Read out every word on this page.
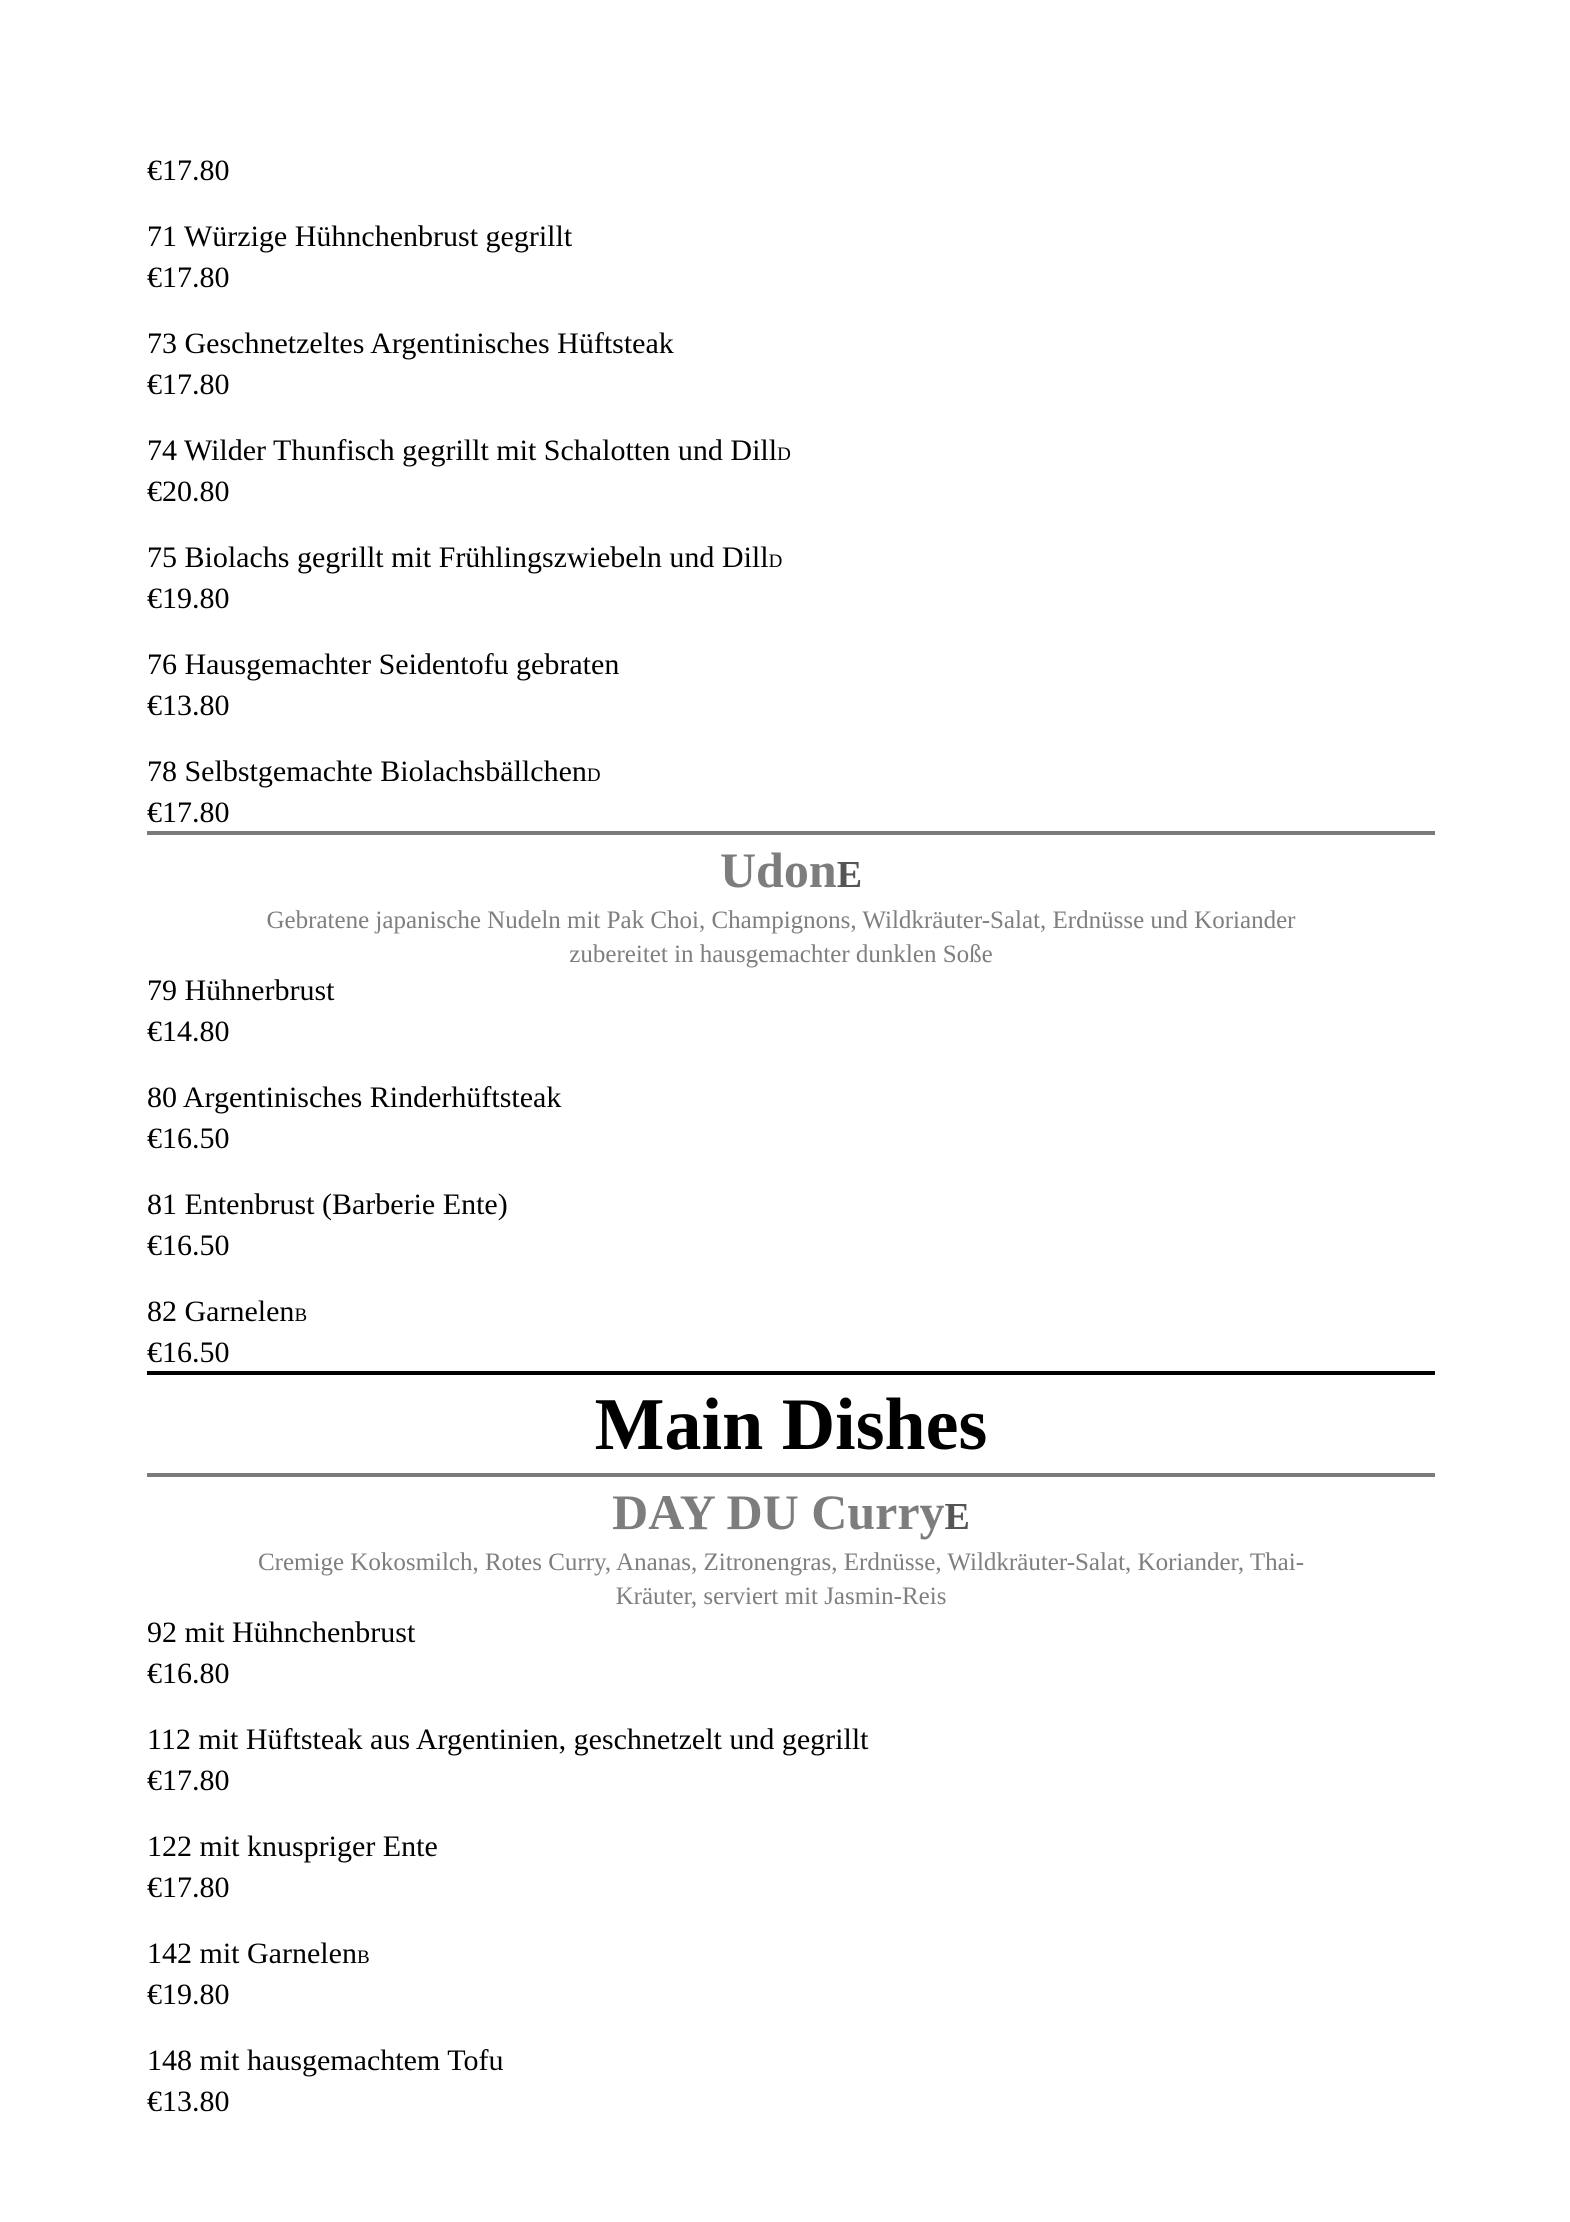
€17.80
71 Würzige Hühnchenbrust gegrillt
€17.80
73 Geschnetzeltes Argentinisches Hüftsteak
€17.80
74 Wilder Thunfisch gegrillt mit Schalotten und DillD
€20.80
75 Biolachs gegrillt mit Frühlingszwiebeln und DillD
€19.80
76 Hausgemachter Seidentofu gebraten
€13.80
78 Selbstgemachte BiolachsbällchenD
€17.80
UdonE
Gebratene japanische Nudeln mit Pak Choi, Champignons, Wildkräuter-Salat, Erdnüsse und Koriander
zubereitet in hausgemachter dunklen Soße
79 Hühnerbrust
€14.80
80 Argentinisches Rinderhüftsteak
€16.50
81 Entenbrust (Barberie Ente)
€16.50
82 GarnelenB
€16.50
Main Dishes
DAY DU CurryE
Cremige Kokosmilch, Rotes Curry, Ananas, Zitronengras, Erdnüsse, Wildkräuter-Salat, Koriander, Thai-
Kräuter, serviert mit Jasmin-Reis
92 mit Hühnchenbrust
€16.80
112 mit Hüftsteak aus Argentinien, geschnetzelt und gegrillt
€17.80
122 mit knuspriger Ente
€17.80
142 mit GarnelenB
€19.80
148 mit hausgemachtem Tofu
€13.80
